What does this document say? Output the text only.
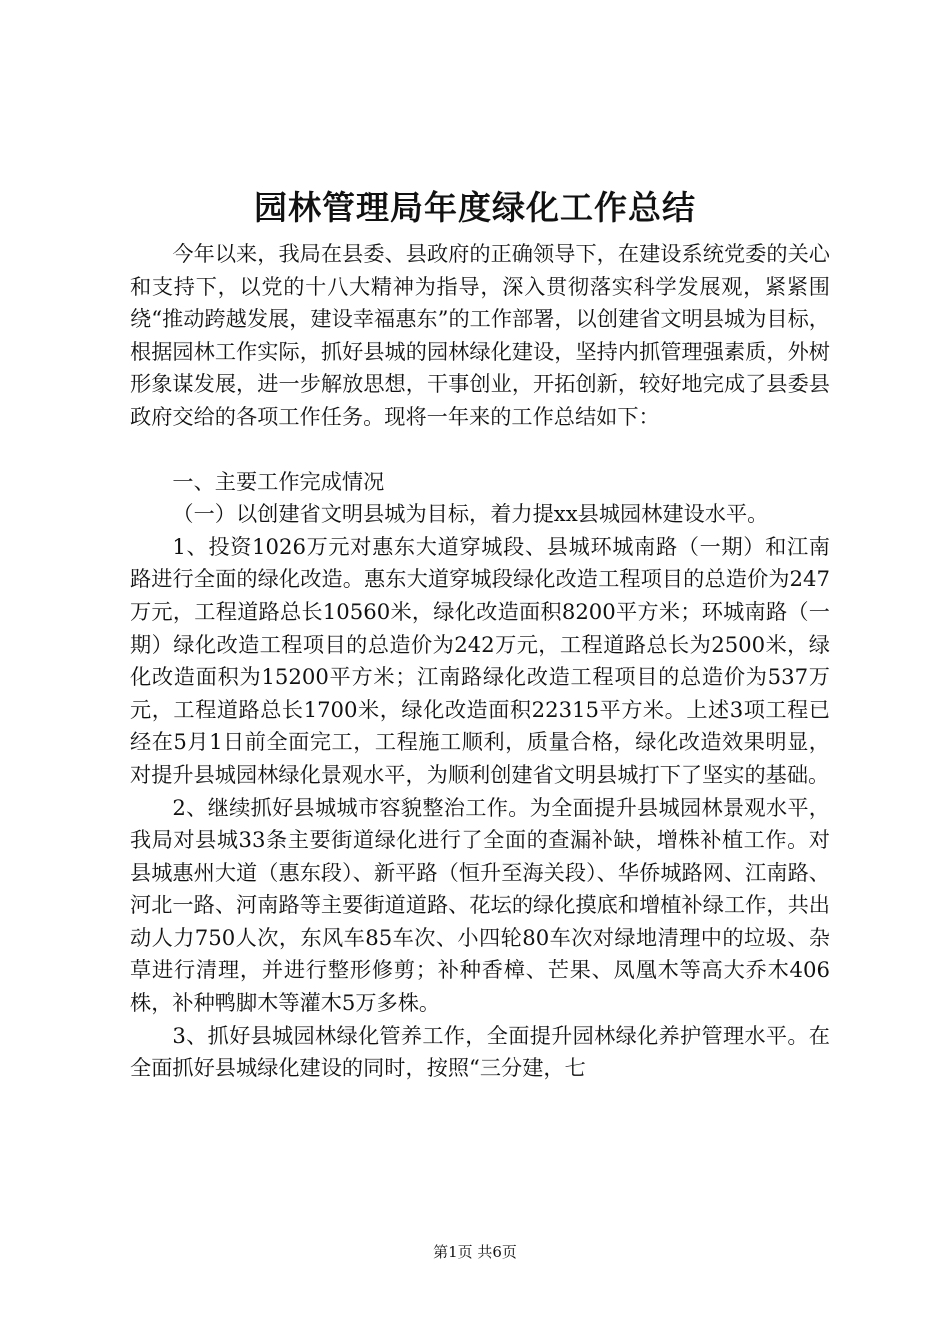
园林管理局年度绿化工作总结

今年以来，我局在县委、县政府的正确领导下，在建设系统党委的关心和支持下，以党的十八大精神为指导，深入贯彻落实科学发展观，紧紧围绕“推动跨越发展，建设幸福惠东”的工作部署，以创建省文明县城为目标，根据园林工作实际，抓好县城的园林绿化建设，坚持内抓管理强素质，外树形象谋发展，进一步解放思想，干事创业，开拓创新，较好地完成了县委县政府交给的各项工作任务。现将一年来的工作总结如下：

一、主要工作完成情况

（一）以创建省文明县城为目标，着力提xx县城园林建设水平。

1、投资1026万元对惠东大道穿城段、县城环城南路（一期）和江南路进行全面的绿化改造。惠东大道穿城段绿化改造工程项目的总造价为247万元，工程道路总长10560米，绿化改造面积8200平方米；环城南路（一期）绿化改造工程项目的总造价为242万元，工程道路总长为2500米，绿化改造面积为15200平方米；江南路绿化改造工程项目的总造价为537万元，工程道路总长1700米，绿化改造面积22315平方米。上述3项工程已经在5月1日前全面完工，工程施工顺利，质量合格，绿化改造效果明显，对提升县城园林绿化景观水平，为顺利创建省文明县城打下了坚实的基础。

2、继续抓好县城城市容貌整治工作。为全面提升县城园林景观水平，我局对县城33条主要街道绿化进行了全面的查漏补缺，增株补植工作。对县城惠州大道（惠东段）、新平路（恒升至海关段）、华侨城路网、江南路、河北一路、河南路等主要街道道路、花坛的绿化摸底和增植补绿工作，共出动人力750人次，东风车85车次、小四轮80车次对绿地清理中的垃圾、杂草进行清理，并进行整形修剪；补种香樟、芒果、凤凰木等高大乔木406株，补种鸭脚木等灌木5万多株。

3、抓好县城园林绿化管养工作，全面提升园林绿化养护管理水平。在全面抓好县城绿化建设的同时，按照“三分建，七

第1页 共6页
